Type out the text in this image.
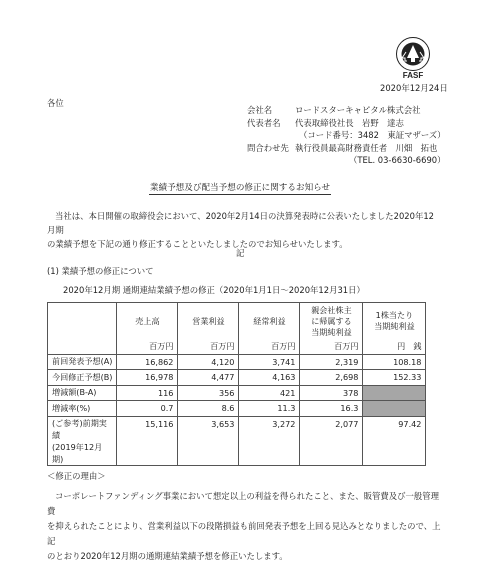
FASF
2020年12月24日
各位
会社名	ロードスターキャピタル株式会社
代表者名	代表取締役社長　岩野　達志
（コード番号：3482　東証マザーズ）
問合わせ先 執行役員最高財務責任者　川畑　拓也
（TEL. 03-6630-6690）
業績予想及び配当予想の修正に関するお知らせ
当社は、本日開催の取締役会において、2020年2月14日の決算発表時に公表いたしました2020年12月期
の業績予想を下記の通り修正することといたしましたのでお知らせいたします。
記
(1) 業績予想の修正について
2020年12月期 通期連結業績予想の修正（2020年1月1日～2020年12月31日）
	売上高	営業利益	経常利益	親会社株主
に帰属する
当期純利益	1株当たり
当期純利益
	百万円	百万円	百万円	百万円	円　銭
前回発表予想(A)	16,862	4,120	3,741	2,319	108.18
今回修正予想(B)	16,978	4,477	4,163	2,698	152.33
増減額(B-A)	116	356	421	378	
増減率(%)	0.7	8.6	11.3	16.3	
(ご参考)前期実績
(2019年12月期)	15,116	3,653	3,272	2,077	97.42
＜修正の理由＞
コーポレートファンディング事業において想定以上の利益を得られたこと、また、販管費及び一般管理費
を抑えられたことにより、営業利益以下の段階損益も前回発表予想を上回る見込みとなりましたので、上記
のとおり2020年12月期の通期連結業績予想を修正いたします。
